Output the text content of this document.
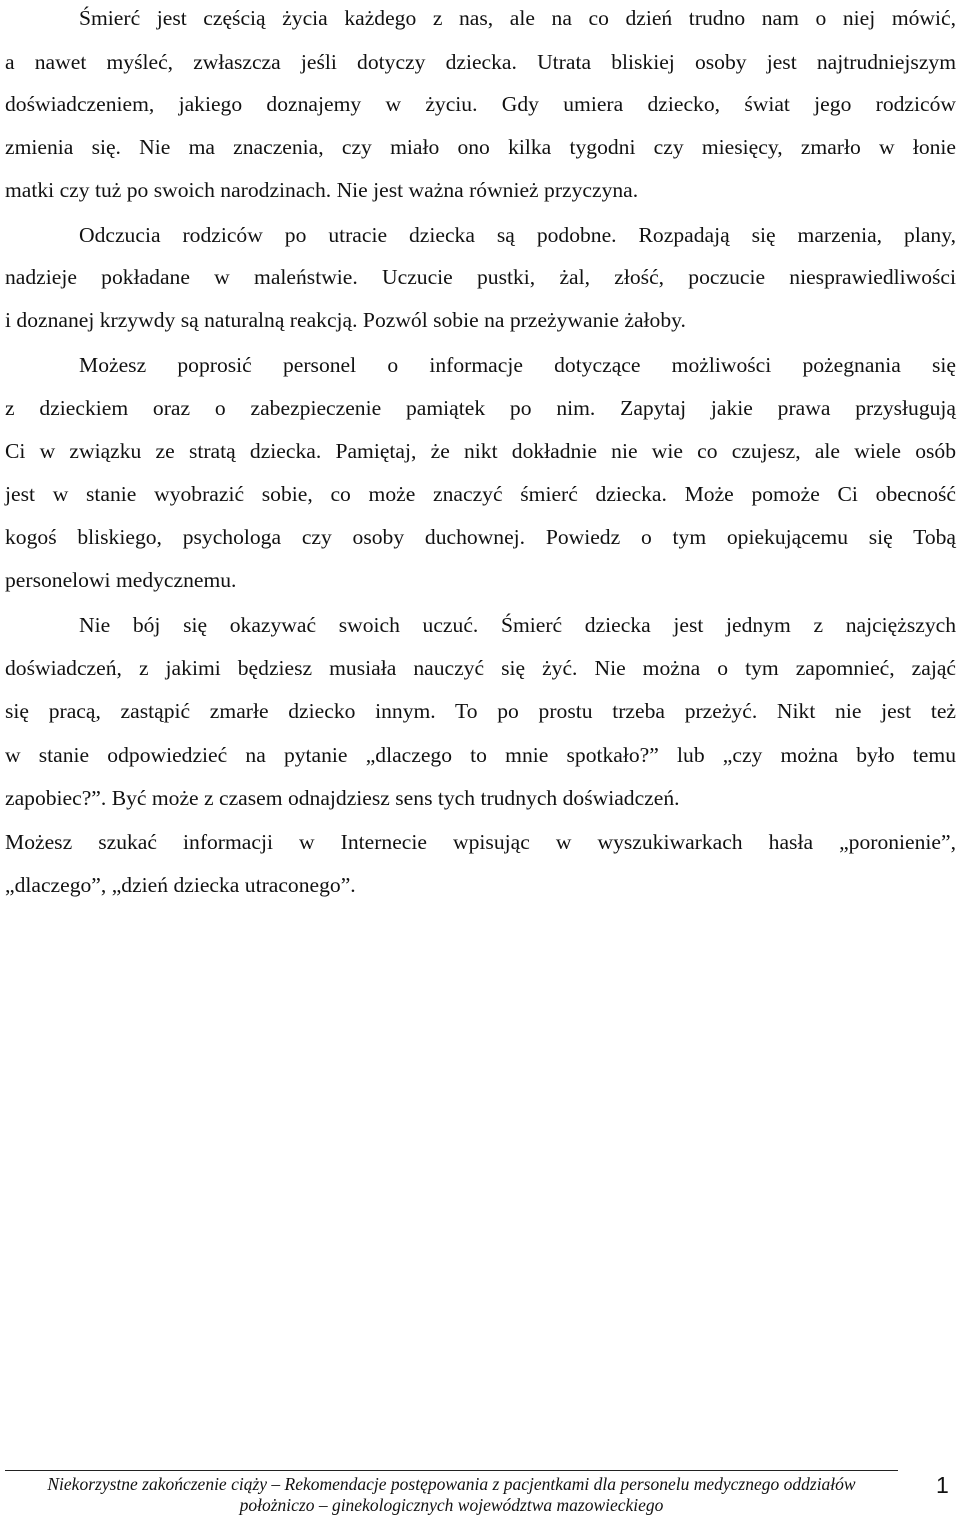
Śmierć jest częścią życia każdego z nas, ale na co dzień trudno nam o niej mówić,
a nawet myśleć, zwłaszcza jeśli dotyczy dziecka. Utrata bliskiej osoby jest najtrudniejszym
doświadczeniem, jakiego doznajemy w życiu. Gdy umiera dziecko, świat jego rodziców
zmienia się. Nie ma znaczenia, czy miało ono kilka tygodni czy miesięcy, zmarło w łonie
matki czy tuż po swoich narodzinach. Nie jest ważna również przyczyna.
Odczucia rodziców po utracie dziecka są podobne. Rozpadają się marzenia, plany,
nadzieje pokładane w maleństwie. Uczucie pustki, żal, złość, poczucie niesprawiedliwości
i doznanej krzywdy są naturalną reakcją. Pozwól sobie na przeżywanie żałoby.
Możesz poprosić personel o informacje dotyczące możliwości pożegnania się
z dzieckiem oraz o zabezpieczenie pamiątek po nim. Zapytaj jakie prawa przysługują
Ci w związku ze stratą dziecka. Pamiętaj, że nikt dokładnie nie wie co czujesz, ale wiele osób
jest w stanie wyobrazić sobie, co może znaczyć śmierć dziecka. Może pomoże Ci obecność
kogoś bliskiego, psychologa czy osoby duchownej. Powiedz o tym opiekującemu się Tobą
personelowi medycznemu.
Nie bój się okazywać swoich uczuć. Śmierć dziecka jest jednym z najcięższych
doświadczeń, z jakimi będziesz musiała nauczyć się żyć. Nie można o tym zapomnieć, zająć
się pracą, zastąpić zmarłe dziecko innym. To po prostu trzeba przeżyć. Nikt nie jest też
w stanie odpowiedzieć na pytanie „dlaczego to mnie spotkało?” lub „czy można było temu
zapobiec?”. Być może z czasem odnajdziesz sens tych trudnych doświadczeń.
Możesz szukać informacji w Internecie wpisując w wyszukiwarkach hasła „poronienie”,
„dlaczego”, „dzień dziecka utraconego”.
Niekorzystne zakończenie ciąży – Rekomendacje postępowania z pacjentkami dla personelu medycznego oddziałów
położniczo – ginekologicznych województwa mazowieckiego
1
